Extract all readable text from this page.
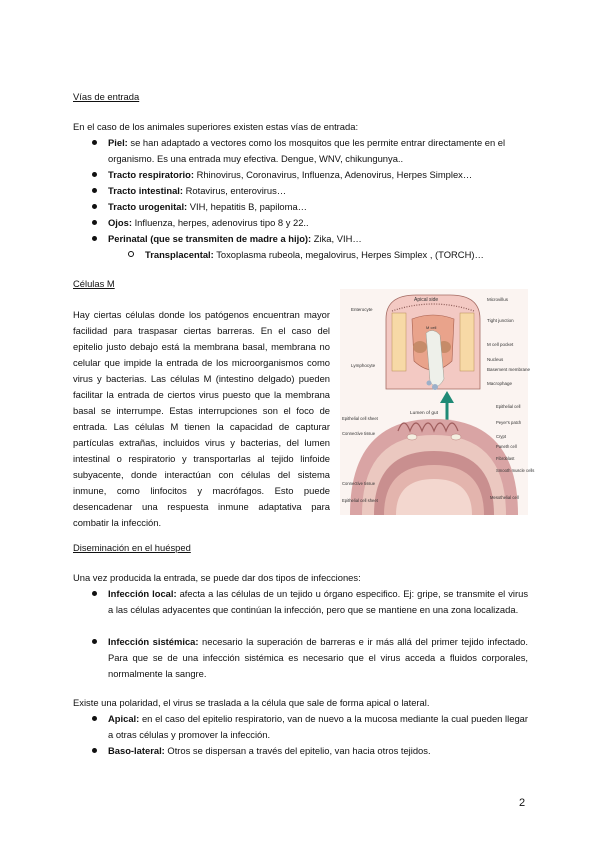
Vías de entrada
En el caso de los animales superiores existen estas vías de entrada:
Piel: se han adaptado a vectores como los mosquitos que les permite entrar directamente en el organismo. Es una entrada muy efectiva. Dengue, WNV, chikungunya..
Tracto respiratorio: Rhinovirus, Coronavirus, Influenza, Adenovirus, Herpes Simplex…
Tracto intestinal: Rotavirus, enterovirus…
Tracto urogenital: VIH, hepatitis B, papiloma…
Ojos: Influenza, herpes, adenovirus tipo 8 y 22..
Perinatal (que se transmiten de madre a hijo): Zika, VIH…
Transplacental: Toxoplasma rubeola, megalovirus, Herpes Simplex , (TORCH)…
Células M
Hay ciertas células donde los patógenos encuentran mayor facilidad para traspasar ciertas barreras. En el caso del epitelio justo debajo está la membrana basal, membrana no celular que impide la entrada de los microorganismos como virus y bacterias. Las células M (intestino delgado) pueden facilitar la entrada de ciertos virus puesto que la membrana basal se interrumpe. Estas interrupciones son el foco de entrada. Las células M tienen la capacidad de capturar partículas extrañas, incluidos virus y bacterias, del lumen intestinal o respiratorio y transportarlas al tejido linfoide subyacente, donde interactúan con células del sistema inmune, como linfocitos y macrófagos. Esto puede desencadenar una respuesta inmune adaptativa para combatir la infección.
Apical side
Enterocyte
Microvillus
Tight junction
M cell pocket
Nucleus
Basement membrane
Macrophage
Lymphocyte
M cell
Lumen of gut
Epithelial cell sheet
Connective tissue
Epithelial cell
Peyer's patch
Crypt
Paneth cell
Fibroblast
Smooth muscle cells
Connective tissue
Epithelial cell sheet
Mesothelial cell
Diseminación en el huésped
Una vez producida la entrada, se puede dar dos tipos de infecciones:
Infección local: afecta a las células de un tejido u órgano especifico. Ej: gripe, se transmite el virus a las células adyacentes que continúan la infección, pero que se mantiene en una zona localizada.
Infección sistémica: necesario la superación de barreras e ir más allá del primer tejido infectado. Para que se de una infección sistémica es necesario que el virus acceda a fluidos corporales, normalmente la sangre.
Existe una polaridad, el virus se traslada a la célula que sale de forma apical o lateral.
Apical: en el caso del epitelio respiratorio, van de nuevo a la mucosa mediante la cual pueden llegar a otras células y promover la infección.
Baso-lateral: Otros se dispersan a través del epitelio, van hacia otros tejidos.
2
